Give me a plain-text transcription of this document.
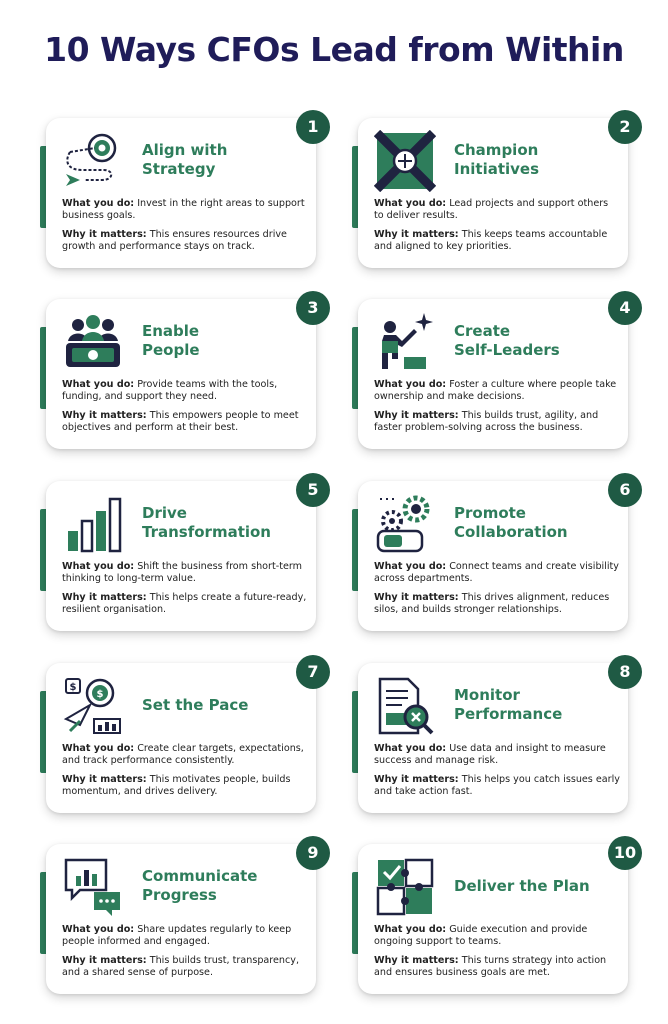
10 Ways CFOs Lead from Within
Align with
Strategy

What you do: Invest in the right areas to support business goals.

Why it matters: This ensures resources drive growth and performance stays on track.

1
Champion
Initiatives

What you do: Lead projects and support others to deliver results.

Why it matters: This keeps teams accountable and aligned to key priorities.

2
Enable
People

What you do: Provide teams with the tools, funding, and support they need.

Why it matters: This empowers people to meet objectives and perform at their best.

3
Create
Self-Leaders

What you do: Foster a culture where people take ownership and make decisions.

Why it matters: This builds trust, agility, and faster problem-solving across the business.

4
Drive
Transformation

What you do: Shift the business from short-term thinking to long-term value.

Why it matters: This helps create a future-ready, resilient organisation.

5
Promote
Collaboration

What you do: Connect teams and create visibility across departments.

Why it matters: This drives alignment, reduces silos, and builds stronger relationships.

6
$
$
Set the Pace

What you do: Create clear targets, expectations, and track performance consistently.

Why it matters: This motivates people, builds momentum, and drives delivery.

7
Monitor
Performance

What you do: Use data and insight to measure success and manage risk.

Why it matters: This helps you catch issues early and take action fast.

8
Communicate
Progress

What you do: Share updates regularly to keep people informed and engaged.

Why it matters: This builds trust, transparency, and a shared sense of purpose.

9
Deliver the Plan

What you do: Guide execution and provide ongoing support to teams.

Why it matters: This turns strategy into action and ensures business goals are met.

10
